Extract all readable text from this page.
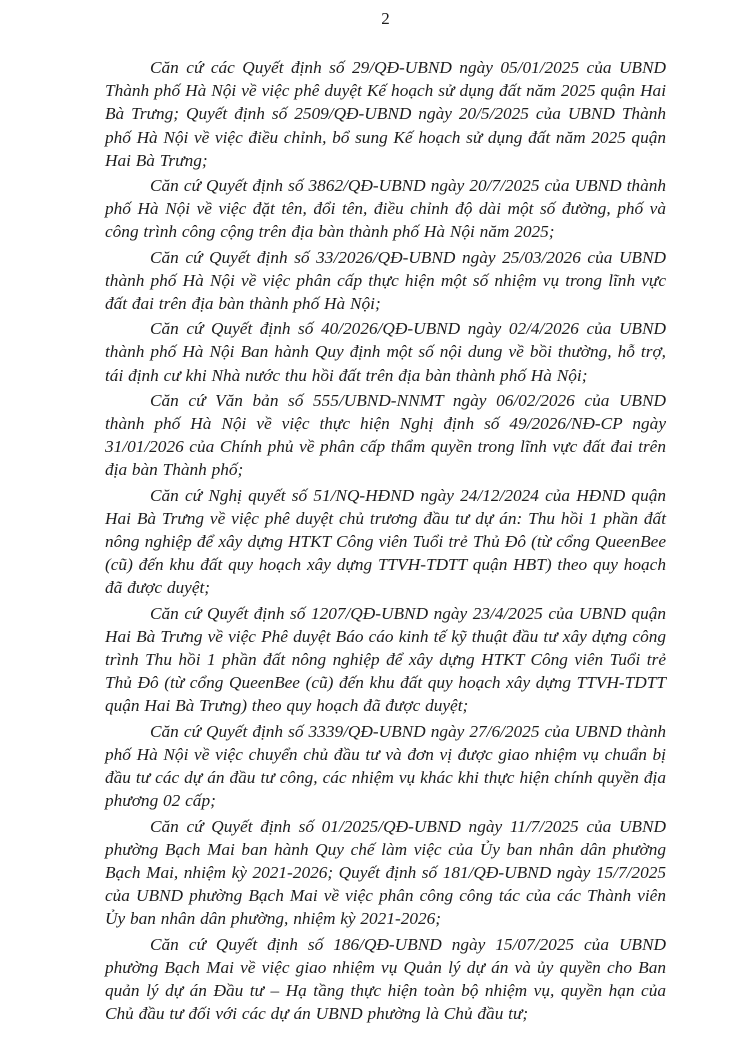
2

Căn cứ các Quyết định số 29/QĐ-UBND ngày 05/01/2025 của UBND Thành phố Hà Nội về việc phê duyệt Kế hoạch sử dụng đất năm 2025 quận Hai Bà Trưng; Quyết định số 2509/QĐ-UBND ngày 20/5/2025 của UBND Thành phố Hà Nội về việc điều chỉnh, bổ sung Kế hoạch sử dụng đất năm 2025 quận Hai Bà Trưng;

Căn cứ Quyết định số 3862/QĐ-UBND ngày 20/7/2025 của UBND thành phố Hà Nội về việc đặt tên, đổi tên, điều chỉnh độ dài một số đường, phố và công trình công cộng trên địa bàn thành phố Hà Nội năm 2025;

Căn cứ Quyết định số 33/2026/QĐ-UBND ngày 25/03/2026 của UBND thành phố Hà Nội về việc phân cấp thực hiện một số nhiệm vụ trong lĩnh vực đất đai trên địa bàn thành phố Hà Nội;

Căn cứ Quyết định số 40/2026/QĐ-UBND ngày 02/4/2026 của UBND thành phố Hà Nội Ban hành Quy định một số nội dung về bồi thường, hỗ trợ, tái định cư khi Nhà nước thu hồi đất trên địa bàn thành phố Hà Nội;

Căn cứ Văn bản số 555/UBND-NNMT ngày 06/02/2026 của UBND thành phố Hà Nội về việc thực hiện Nghị định số 49/2026/NĐ-CP ngày 31/01/2026 của Chính phủ về phân cấp thẩm quyền trong lĩnh vực đất đai trên địa bàn Thành phố;

Căn cứ Nghị quyết số 51/NQ-HĐND ngày 24/12/2024 của HĐND quận Hai Bà Trưng về việc phê duyệt chủ trương đầu tư dự án: Thu hồi 1 phần đất nông nghiệp để xây dựng HTKT Công viên Tuổi trẻ Thủ Đô (từ cổng QueenBee (cũ) đến khu đất quy hoạch xây dựng TTVH-TDTT quận HBT) theo quy hoạch đã được duyệt;

Căn cứ Quyết định số 1207/QĐ-UBND ngày 23/4/2025 của UBND quận Hai Bà Trưng về việc Phê duyệt Báo cáo kinh tế kỹ thuật đầu tư xây dựng công trình Thu hồi 1 phần đất nông nghiệp để xây dựng HTKT Công viên Tuổi trẻ Thủ Đô (từ cổng QueenBee (cũ) đến khu đất quy hoạch xây dựng TTVH-TDTT quận Hai Bà Trưng) theo quy hoạch đã được duyệt;

Căn cứ Quyết định số 3339/QĐ-UBND ngày 27/6/2025 của UBND thành phố Hà Nội về việc chuyển chủ đầu tư và đơn vị được giao nhiệm vụ chuẩn bị đầu tư các dự án đầu tư công, các nhiệm vụ khác khi thực hiện chính quyền địa phương 02 cấp;

Căn cứ Quyết định số 01/2025/QĐ-UBND ngày 11/7/2025 của UBND phường Bạch Mai ban hành Quy chế làm việc của Ủy ban nhân dân phường Bạch Mai, nhiệm kỳ 2021-2026; Quyết định số 181/QĐ-UBND ngày 15/7/2025 của UBND phường Bạch Mai về việc phân công công tác của các Thành viên Ủy ban nhân dân phường, nhiệm kỳ 2021-2026;

Căn cứ Quyết định số 186/QĐ-UBND ngày 15/07/2025 của UBND phường Bạch Mai về việc giao nhiệm vụ Quản lý dự án và ủy quyền cho Ban quản lý dự án Đầu tư – Hạ tầng thực hiện toàn bộ nhiệm vụ, quyền hạn của Chủ đầu tư đối với các dự án UBND phường là Chủ đầu tư;
